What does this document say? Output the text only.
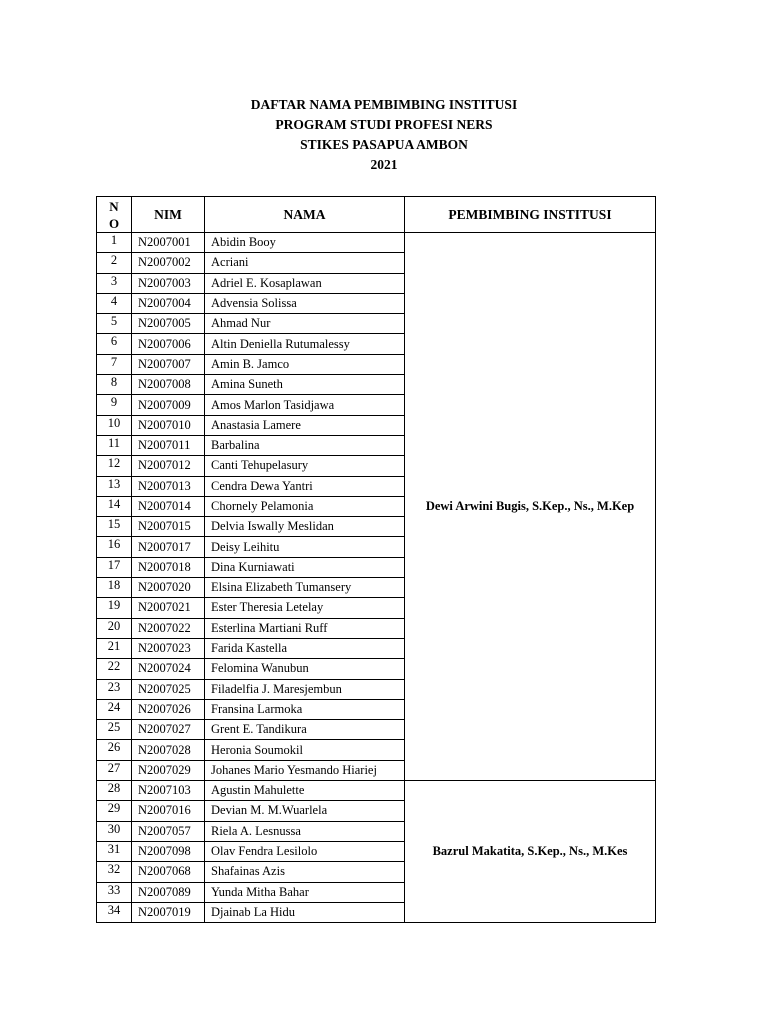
DAFTAR NAMA PEMBIMBING INSTITUSI
PROGRAM STUDI PROFESI NERS
STIKES PASAPUA AMBON
2021
N
O	NIM	NAMA	PEMBIMBING INSTITUSI
1	N2007001	Abidin Booy	Dewi Arwini Bugis, S.Kep., Ns., M.Kep
2	N2007002	Acriani	
3	N2007003	Adriel E. Kosaplawan	
4	N2007004	Advensia Solissa	
5	N2007005	Ahmad Nur	
6	N2007006	Altin Deniella Rutumalessy	
7	N2007007	Amin B. Jamco	
8	N2007008	Amina Suneth	
9	N2007009	Amos Marlon Tasidjawa	
10	N2007010	Anastasia Lamere	
11	N2007011	Barbalina	
12	N2007012	Canti Tehupelasury	
13	N2007013	Cendra Dewa Yantri	
14	N2007014	Chornely Pelamonia	
15	N2007015	Delvia Iswally Meslidan	
16	N2007017	Deisy Leihitu	
17	N2007018	Dina Kurniawati	
18	N2007020	Elsina Elizabeth Tumansery	
19	N2007021	Ester Theresia Letelay	
20	N2007022	Esterlina Martiani Ruff	
21	N2007023	Farida Kastella	
22	N2007024	Felomina Wanubun	
23	N2007025	Filadelfia J. Maresjembun	
24	N2007026	Fransina Larmoka	
25	N2007027	Grent E. Tandikura	
26	N2007028	Heronia Soumokil	
27	N2007029	Johanes Mario Yesmando Hiariej	
28	N2007103	Agustin Mahulette	Bazrul Makatita, S.Kep., Ns., M.Kes
29	N2007016	Devian M. M.Wuarlela	
30	N2007057	Riela A. Lesnussa	
31	N2007098	Olav Fendra Lesilolo	
32	N2007068	Shafainas Azis	
33	N2007089	Yunda Mitha Bahar	
34	N2007019	Djainab La Hidu	
